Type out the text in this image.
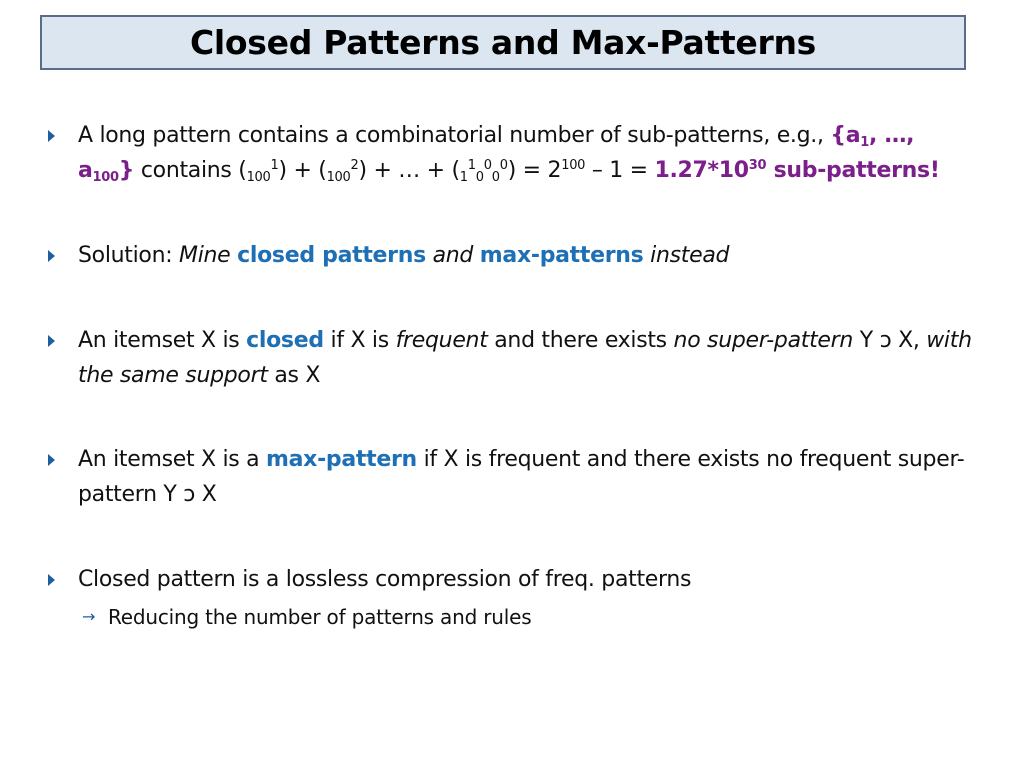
Closed Patterns and Max-Patterns
A long pattern contains a combinatorial number of sub-patterns, e.g., {$a_1$, …, $a_{100}$} contains $(_{100}^1) + (_{100}^2)$ + … + $(_1^1_0^0_0^0) = 2^{100} - 1 = 1.27*10^{30}$ sub-patterns!
Solution: Mine closed patterns and max-patterns instead
An itemset X is closed if X is frequent and there exists no super-pattern Y ɔ X, with the same support as X
An itemset X is a max-pattern if X is frequent and there exists no frequent super-pattern Y ɔ X
Closed pattern is a lossless compression of freq. patterns
→ Reducing the number of patterns and rules
